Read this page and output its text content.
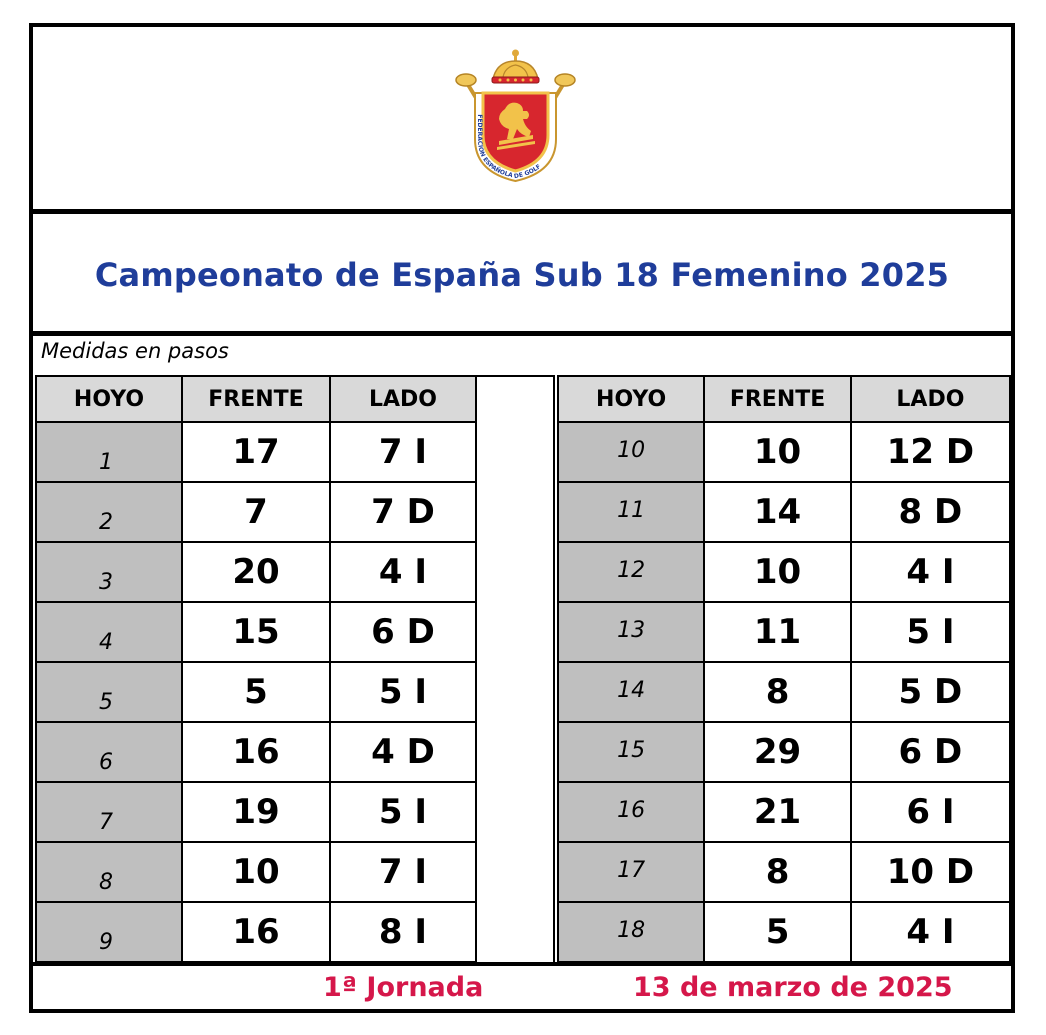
FEDERACION ESPAÑOLA DE GOLF
Campeonato de España Sub 18 Femenino 2025
Medidas en pasos
HOYO	FRENTE	LADO
1	17	7 I
2	7	7 D
3	20	4 I
4	15	6 D
5	5	5 I
6	16	4 D
7	19	5 I
8	10	7 I
9	16	8 I
HOYO	FRENTE	LADO
10	10	12 D
11	14	8 D
12	10	4 I
13	11	5 I
14	8	5 D
15	29	6 D
16	21	6 I
17	8	10 D
18	5	4 I
1ª Jornada	13 de marzo de 2025
